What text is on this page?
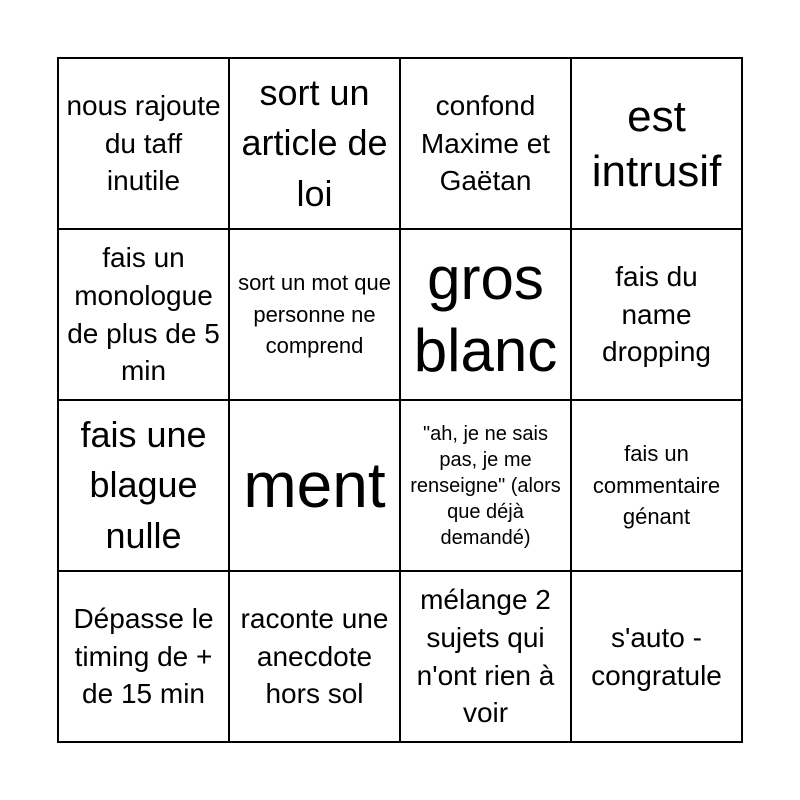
nous rajoute du taff inutile
sort un article de loi
confond Maxime et Gaëtan
est intrusif
fais un monologue de plus de 5 min
sort un mot que personne ne comprend
gros blanc
fais du name dropping
fais une blague nulle
ment
"ah, je ne sais pas, je me renseigne" (alors que déjà demandé)
fais un commentaire génant
Dépasse le timing de + de 15 min
raconte une anecdote hors sol
mélange 2 sujets qui n'ont rien à voir
s'auto - congratule
